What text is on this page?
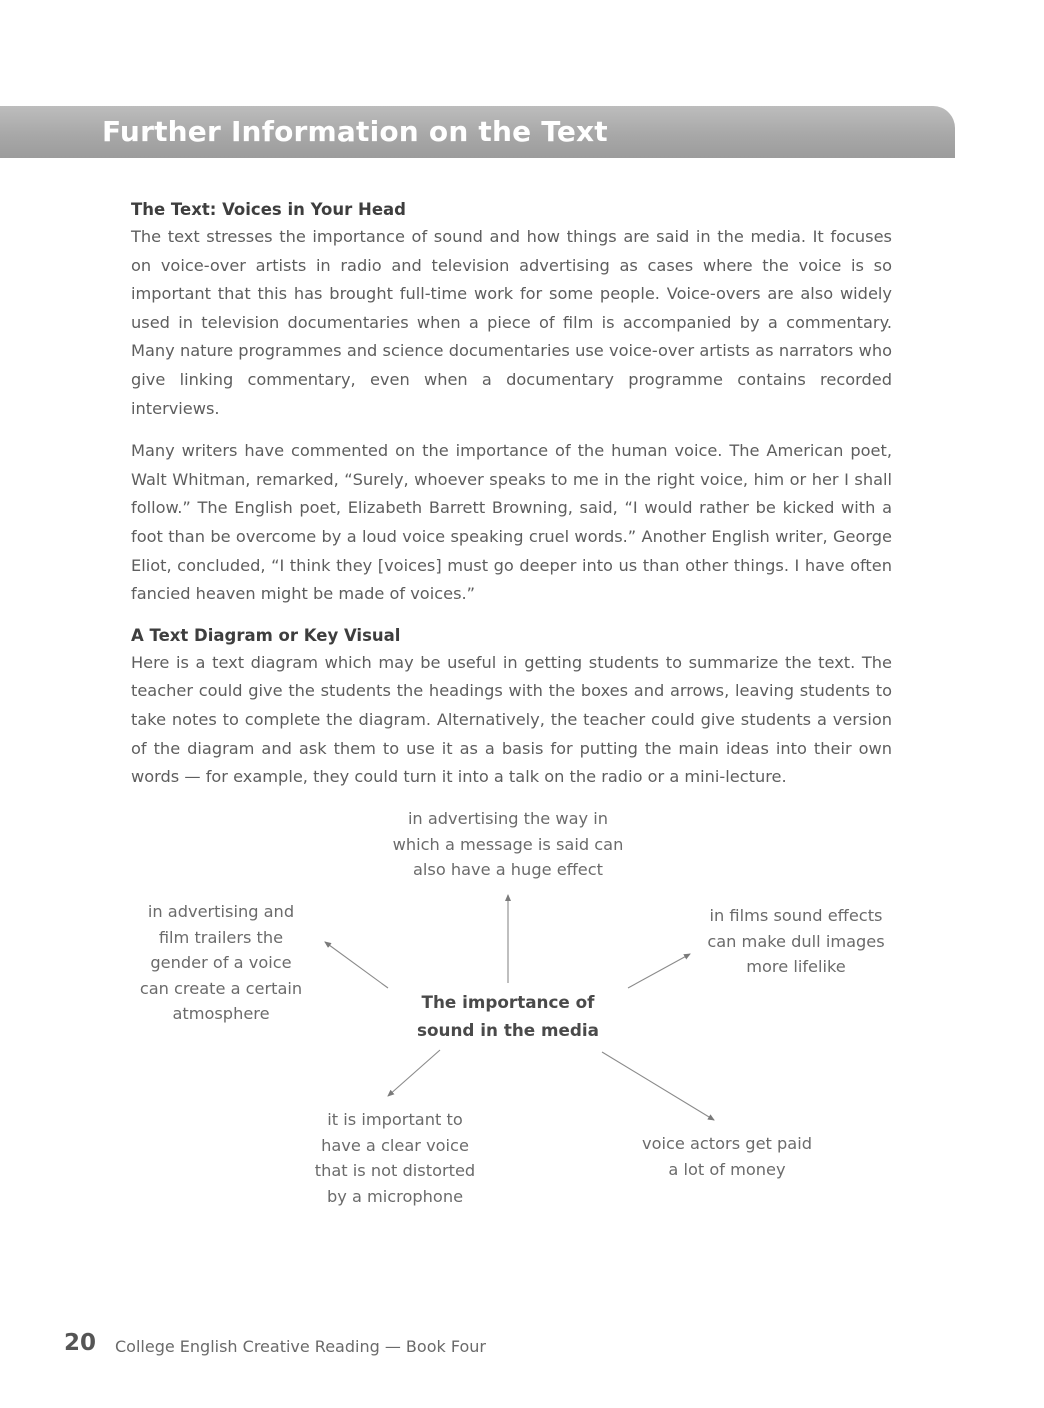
Further Information on the Text

The Text: Voices in Your Head

The text stresses the importance of sound and how things are said in the media. It focuses on voice-over artists in radio and television advertising as cases where the voice is so important that this has brought full-time work for some people. Voice-overs are also widely used in television documentaries when a piece of film is accompanied by a commentary. Many nature programmes and science documentaries use voice-over artists as narrators who give linking commentary, even when a documentary programme contains recorded interviews.

Many writers have commented on the importance of the human voice. The American poet, Walt Whitman, remarked, “Surely, whoever speaks to me in the right voice, him or her I shall follow.” The English poet, Elizabeth Barrett Browning, said, “I would rather be kicked with a foot than be overcome by a loud voice speaking cruel words.” Another English writer, George Eliot, concluded, “I think they [voices] must go deeper into us than other things. I have often fancied heaven might be made of voices.”

A Text Diagram or Key Visual

Here is a text diagram which may be useful in getting students to summarize the text. The teacher could give the students the headings with the boxes and arrows, leaving students to take notes to complete the diagram. Alternatively, the teacher could give students a version of the diagram and ask them to use it as a basis for putting the main ideas into their own words — for example, they could turn it into a talk on the radio or a mini-lecture.

in advertising the way in
which a message is said can
also have a huge effect
in advertising and
film trailers the
gender of a voice
can create a certain
atmosphere
in films sound effects
can make dull images
more lifelike
The importance of
sound in the media
it is important to
have a clear voice
that is not distorted
by a microphone
voice actors get paid
a lot of money
20 College English Creative Reading — Book Four
